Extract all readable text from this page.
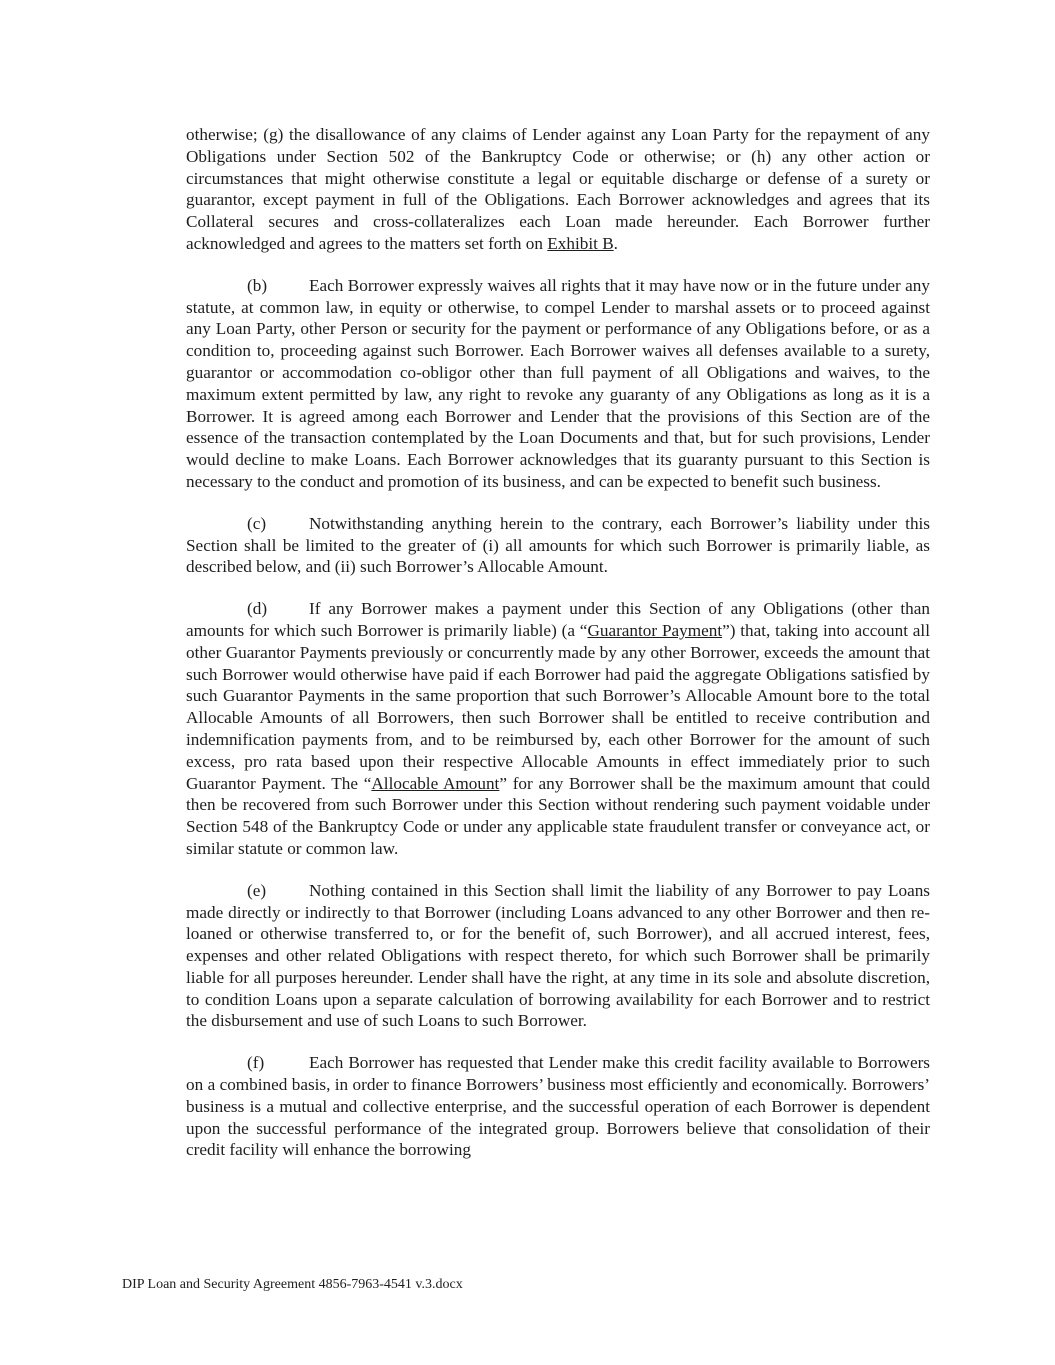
otherwise; (g) the disallowance of any claims of Lender against any Loan Party for the repayment of any Obligations under Section 502 of the Bankruptcy Code or otherwise; or (h) any other action or circumstances that might otherwise constitute a legal or equitable discharge or defense of a surety or guarantor, except payment in full of the Obligations. Each Borrower acknowledges and agrees that its Collateral secures and cross-collateralizes each Loan made hereunder. Each Borrower further acknowledged and agrees to the matters set forth on Exhibit B.

(b) Each Borrower expressly waives all rights that it may have now or in the future under any statute, at common law, in equity or otherwise, to compel Lender to marshal assets or to proceed against any Loan Party, other Person or security for the payment or performance of any Obligations before, or as a condition to, proceeding against such Borrower. Each Borrower waives all defenses available to a surety, guarantor or accommodation co-obligor other than full payment of all Obligations and waives, to the maximum extent permitted by law, any right to revoke any guaranty of any Obligations as long as it is a Borrower. It is agreed among each Borrower and Lender that the provisions of this Section are of the essence of the transaction contemplated by the Loan Documents and that, but for such provisions, Lender would decline to make Loans. Each Borrower acknowledges that its guaranty pursuant to this Section is necessary to the conduct and promotion of its business, and can be expected to benefit such business.

(c) Notwithstanding anything herein to the contrary, each Borrower’s liability under this Section shall be limited to the greater of (i) all amounts for which such Borrower is primarily liable, as described below, and (ii) such Borrower’s Allocable Amount.

(d) If any Borrower makes a payment under this Section of any Obligations (other than amounts for which such Borrower is primarily liable) (a “Guarantor Payment”) that, taking into account all other Guarantor Payments previously or concurrently made by any other Borrower, exceeds the amount that such Borrower would otherwise have paid if each Borrower had paid the aggregate Obligations satisfied by such Guarantor Payments in the same proportion that such Borrower’s Allocable Amount bore to the total Allocable Amounts of all Borrowers, then such Borrower shall be entitled to receive contribution and indemnification payments from, and to be reimbursed by, each other Borrower for the amount of such excess, pro rata based upon their respective Allocable Amounts in effect immediately prior to such Guarantor Payment. The “Allocable Amount” for any Borrower shall be the maximum amount that could then be recovered from such Borrower under this Section without rendering such payment voidable under Section 548 of the Bankruptcy Code or under any applicable state fraudulent transfer or conveyance act, or similar statute or common law.

(e) Nothing contained in this Section shall limit the liability of any Borrower to pay Loans made directly or indirectly to that Borrower (including Loans advanced to any other Borrower and then re-loaned or otherwise transferred to, or for the benefit of, such Borrower), and all accrued interest, fees, expenses and other related Obligations with respect thereto, for which such Borrower shall be primarily liable for all purposes hereunder. Lender shall have the right, at any time in its sole and absolute discretion, to condition Loans upon a separate calculation of borrowing availability for each Borrower and to restrict the disbursement and use of such Loans to such Borrower.

(f)	Each Borrower has requested that Lender make this credit facility available to Borrowers on a combined basis, in order to finance Borrowers’ business most efficiently and economically. Borrowers’ business is a mutual and collective enterprise, and the successful operation of each Borrower is dependent upon the successful performance of the integrated group. Borrowers believe that consolidation of their credit facility will enhance the borrowing

DIP Loan and Security Agreement 4856-7963-4541 v.3.docx
